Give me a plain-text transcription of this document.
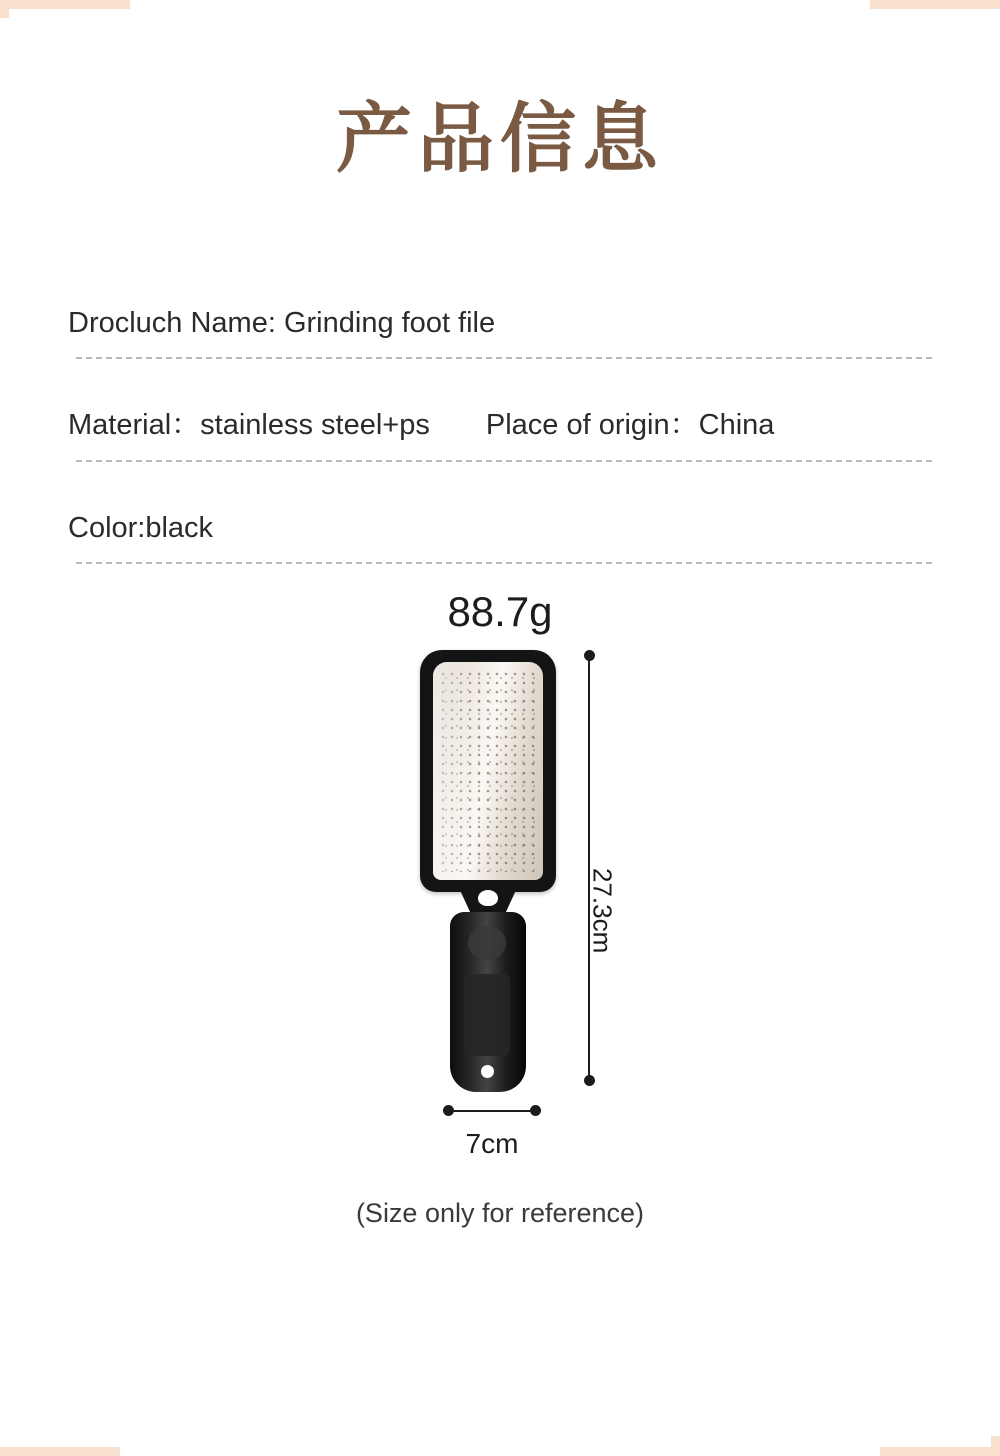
产品信息
Drocluch Name: Grinding foot file
Material：stainless steel+ps Place of origin：China
Color:black
88.7g
27.3cm
7cm
(Size only for reference)
